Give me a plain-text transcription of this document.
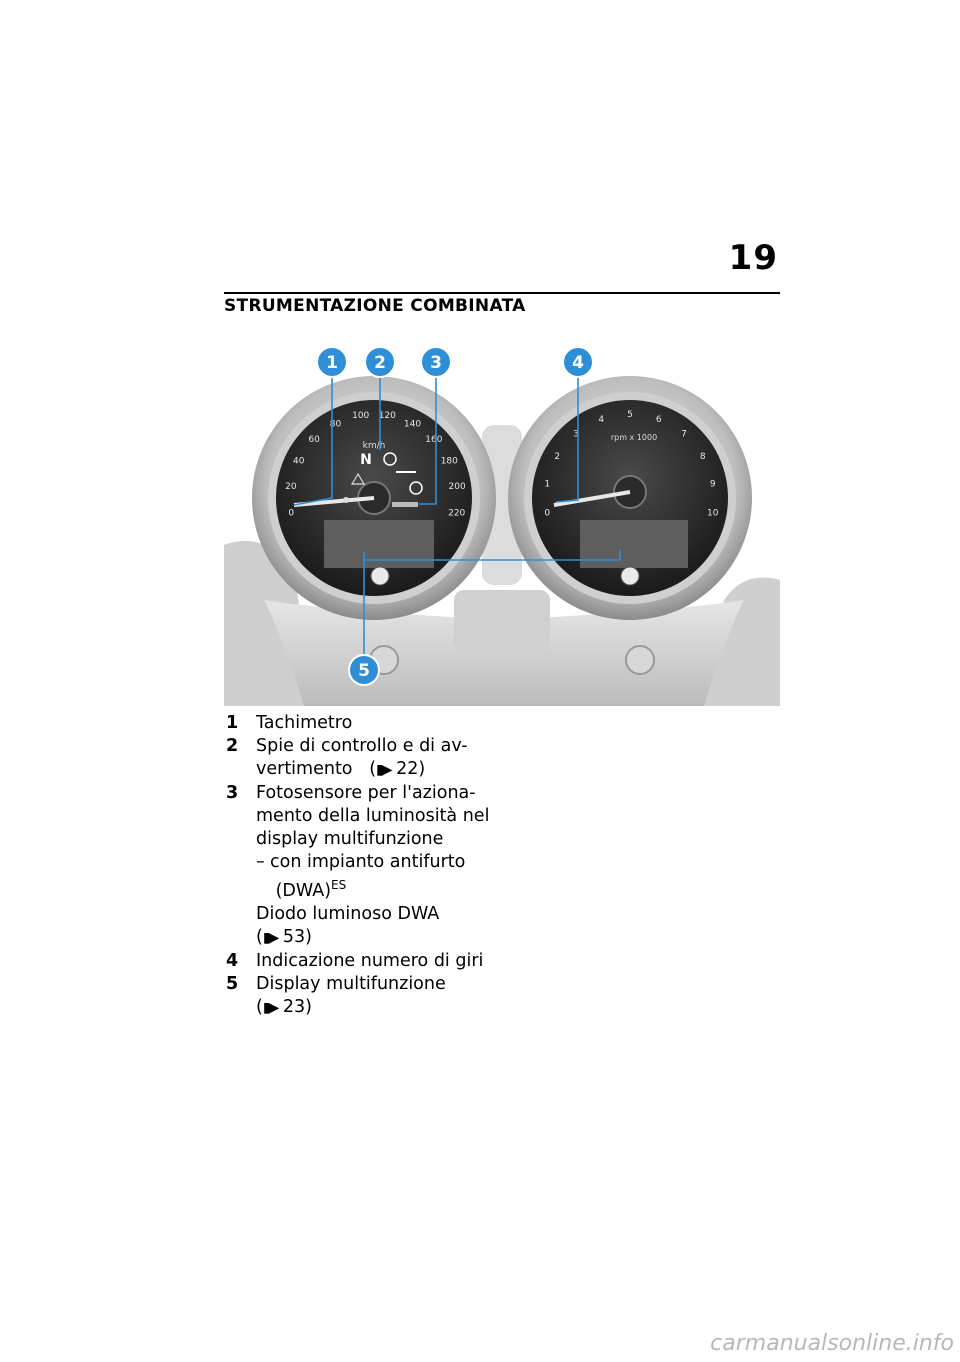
19
STRUMENTAZIONE COMBINATA
km/h
N
0
20
40
60
80
100 120
140
160
180
200
220
rpm x 1000
0
1
2
3
4
5
6
7
8
9
10
1 2	3	4
5
1 Tachimetro
2 Spie di controllo e di av-
vertimento (▮▶ 22)
3 Fotosensore per l'aziona-
mento della luminosità nel
display multifunzione
– con impianto antifurto
(DWA)$^{ES}$
Diodo luminoso DWA
(▮▶ 53)
4 Indicazione numero di giri
5 Display multifunzione
(▮▶ 23)
carmanualsonline.info
